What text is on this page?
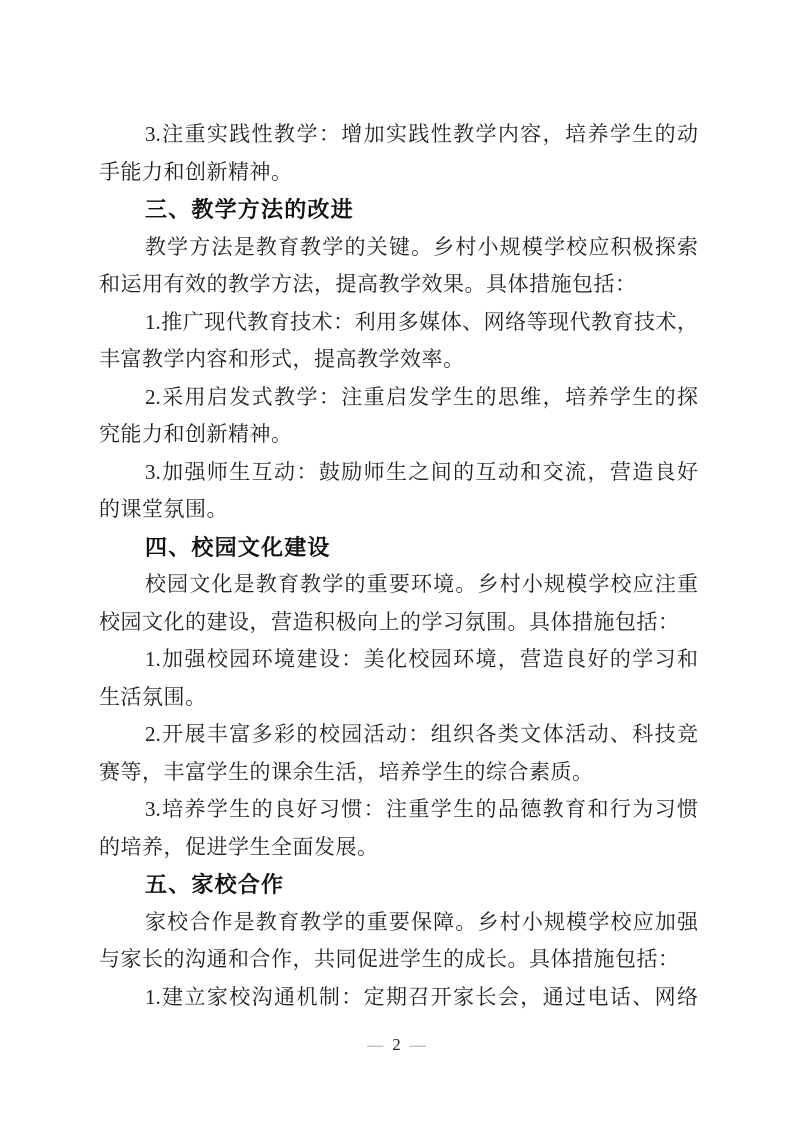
3.注重实践性教学：增加实践性教学内容，培养学生的动
手能力和创新精神。
三、教学方法的改进
教学方法是教育教学的关键。乡村小规模学校应积极探索
和运用有效的教学方法，提高教学效果。具体措施包括：
1.推广现代教育技术：利用多媒体、网络等现代教育技术，
丰富教学内容和形式，提高教学效率。
2.采用启发式教学：注重启发学生的思维，培养学生的探
究能力和创新精神。
3.加强师生互动：鼓励师生之间的互动和交流，营造良好
的课堂氛围。
四、校园文化建设
校园文化是教育教学的重要环境。乡村小规模学校应注重
校园文化的建设，营造积极向上的学习氛围。具体措施包括：
1.加强校园环境建设：美化校园环境，营造良好的学习和
生活氛围。
2.开展丰富多彩的校园活动：组织各类文体活动、科技竞
赛等，丰富学生的课余生活，培养学生的综合素质。
3.培养学生的良好习惯：注重学生的品德教育和行为习惯
的培养，促进学生全面发展。
五、家校合作
家校合作是教育教学的重要保障。乡村小规模学校应加强
与家长的沟通和合作，共同促进学生的成长。具体措施包括：
1.建立家校沟通机制：定期召开家长会，通过电话、网络
— 2 —
